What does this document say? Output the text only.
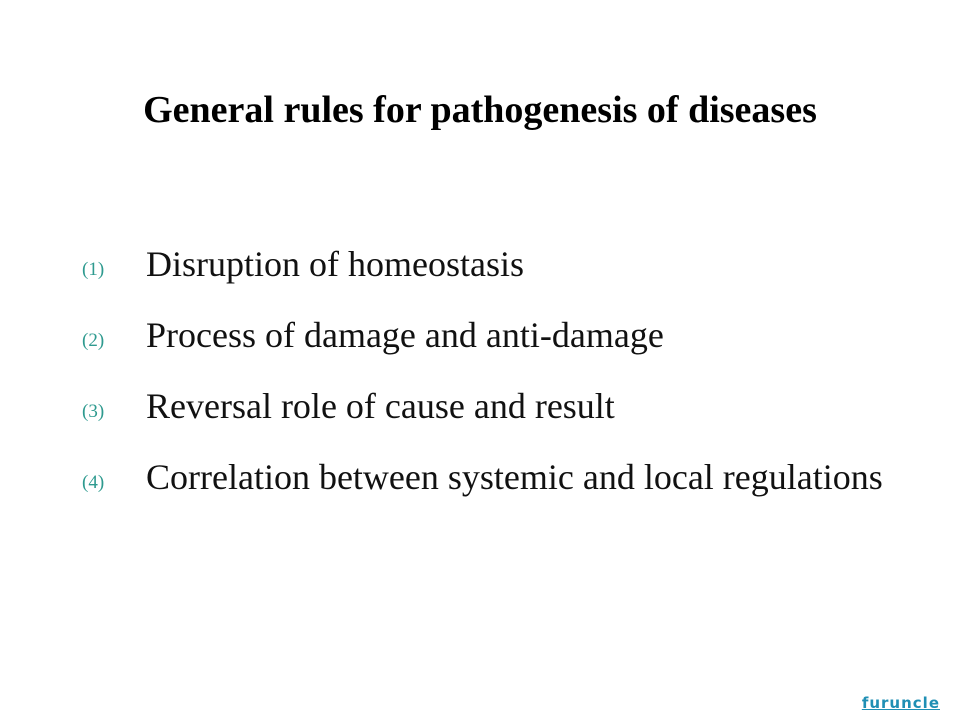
General rules for pathogenesis of diseases
(1)	Disruption of homeostasis
(2)	Process of damage and anti-damage
(3)	Reversal role of cause and result
(4)	Correlation between systemic and local regulations
furuncle
